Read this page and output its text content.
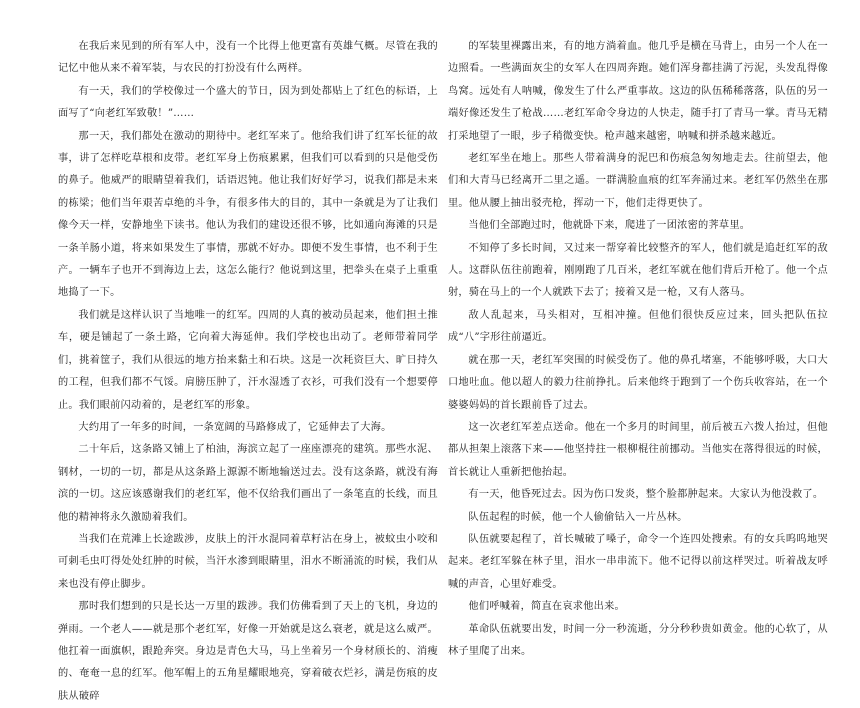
在我后来见到的所有军人中，没有一个比得上他更富有英雄气概。尽管在我的记忆中他从来不着军装，与农民的打扮没有什么两样。

有一天，我们的学校像过一个盛大的节日，因为到处都贴上了红色的标语，上面写了“向老红军致敬！”……

那一天，我们都处在激动的期待中。老红军来了。他给我们讲了红军长征的故事，讲了怎样吃草根和皮带。老红军身上伤痕累累，但我们可以看到的只是他受伤的鼻子。他威严的眼睛望着我们，话语迟钝。他让我们好好学习，说我们都是未来的栋梁；他们当年艰苦卓绝的斗争，有很多伟大的目的，其中一条就是为了让我们像今天一样，安静地坐下读书。他认为我们的建设还很不够，比如通向海滩的只是一条羊肠小道，将来如果发生了事情，那就不好办。即便不发生事情，也不利于生产。一辆车子也开不到海边上去，这怎么能行？他说到这里，把拳头在桌子上重重地捣了一下。

我们就是这样认识了当地唯一的红军。四周的人真的被动员起来，他们担土推车，硬是铺起了一条土路，它向着大海延伸。我们学校也出动了。老师带着同学们，挑着筐子，我们从很远的地方抬来黏土和石块。这是一次耗资巨大、旷日持久的工程，但我们都不气馁。肩膀压肿了，汗水湿透了衣衫，可我们没有一个想要停止。我们眼前闪动着的，是老红军的形象。

大约用了一年多的时间，一条宽阔的马路修成了，它延伸去了大海。

二十年后，这条路又铺上了柏油，海滨立起了一座座漂亮的建筑。那些水泥、钢材，一切的一切，都是从这条路上源源不断地输送过去。没有这条路，就没有海滨的一切。这应该感谢我们的老红军，他不仅给我们画出了一条笔直的长线，而且他的精神将永久激励着我们。

当我们在荒滩上长途跋涉，皮肤上的汗水混同着草籽沾在身上，被蚊虫小咬和可刺毛虫叮得处处红肿的时候，当汗水渗到眼睛里，泪水不断涌流的时候，我们从来也没有停止脚步。

那时我们想到的只是长达一万里的跋涉。我们仿佛看到了天上的飞机，身边的弹雨。一个老人——就是那个老红军，好像一开始就是这么衰老，就是这么威严。他扛着一面旗帜，跟跄奔突。身边是青色大马，马上坐着另一个身材颀长的、消瘦的、奄奄一息的红军。他军帽上的五角星耀眼地亮，穿着破衣烂衫，满是伤痕的皮肤从破碎

的军装里裸露出来，有的地方淌着血。他几乎是横在马背上，由另一个人在一边照看。一些满面灰尘的女军人在四周奔跑。她们浑身都挂满了污泥，头发乱得像鸟窝。远处有人呐喊，像发生了什么严重事故。这边的队伍稀稀落落，队伍的另一端好像还发生了枪战……老红军命令身边的人快走，随手打了青马一掌。青马无精打采地望了一眼，步子稍微变快。枪声越来越密，呐喊和拼杀越来越近。

老红军坐在地上。那些人带着满身的泥巴和伤痕急匆匆地走去。往前望去，他们和大青马已经离开二里之遥。一群满脸血痕的红军奔涌过来。老红军仍然坐在那里。他从腰上抽出驳壳枪，挥动一下，他们走得更快了。

当他们全部跑过时，他就卧下来，爬进了一团浓密的荠草里。

不知停了多长时间，又过来一帮穿着比较整齐的军人，他们就是追赶红军的敌人。这群队伍往前跑着，刚刚跑了几百米，老红军就在他们背后开枪了。他一个点射，骑在马上的一个人就跌下去了；接着又是一枪，又有人落马。

敌人乱起来，马头相对，互相冲撞。但他们很快反应过来，回头把队伍拉成“八”字形往前逼近。

就在那一天，老红军突围的时候受伤了。他的鼻孔堵塞，不能够呼吸，大口大口地吐血。他以超人的毅力往前挣扎。后来他终于跑到了一个伤兵收容站，在一个婆婆妈妈的首长跟前昏了过去。

这一次老红军差点送命。他在一个多月的时间里，前后被五六拨人抬过，但他都从担架上滚落下来——他坚持拄一根柳棍往前挪动。当他实在落得很远的时候，首长就让人重新把他抬起。

有一天，他昏死过去。因为伤口发炎，整个脸都肿起来。大家认为他没救了。

队伍起程的时候，他一个人偷偷钻入一片丛林。

队伍就要起程了，首长喊破了嗓子，命令一个连四处搜索。有的女兵呜呜地哭起来。老红军躲在林子里，泪水一串串流下。他不记得以前这样哭过。听着战友呼喊的声音，心里好难受。

他们呼喊着，简直在哀求他出来。

革命队伍就要出发，时间一分一秒流逝，分分秒秒贵如黄金。他的心软了，从林子里爬了出来。
